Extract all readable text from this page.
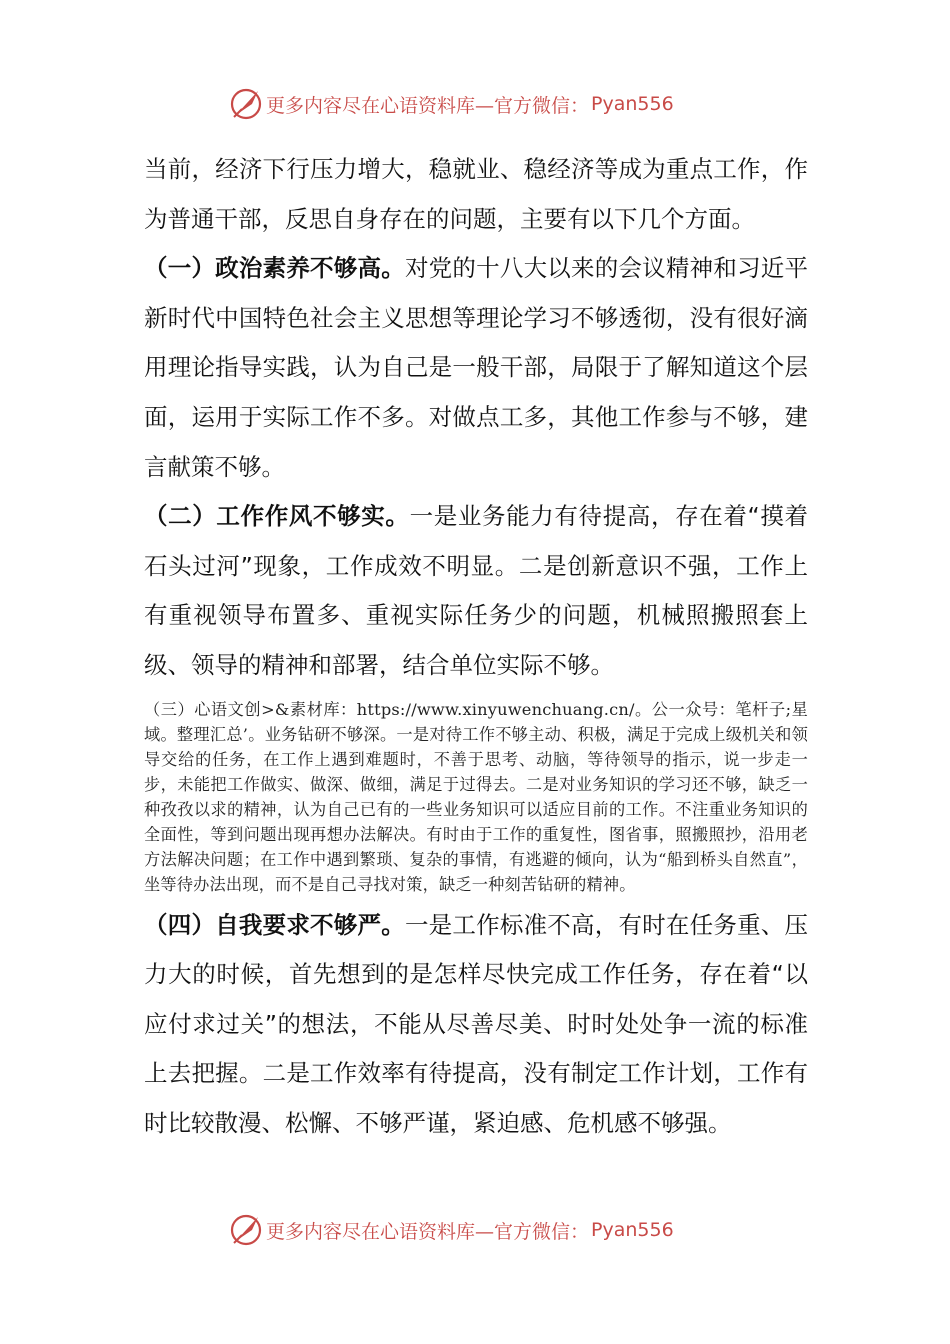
更多内容尽在心语资料库—官方微信： Pyan556

当前，经济下行压力增大，稳就业、稳经济等成为重点工作，作为普通干部，反思自身存在的问题，主要有以下几个方面。

（一）政治素养不够高。对党的十八大以来的会议精神和习近平新时代中国特色社会主义思想等理论学习不够透彻，没有很好滴用理论指导实践，认为自己是一般干部，局限于了解知道这个层面，运用于实际工作不多。对做点工多，其他工作参与不够，建言献策不够。

（二）工作作风不够实。一是业务能力有待提高，存在着“摸着石头过河”现象，工作成效不明显。二是创新意识不强，工作上有重视领导布置多、重视实际任务少的问题，机械照搬照套上级、领导的精神和部署，结合单位实际不够。

（三）心语文创>&素材库：https://www.xinyuwenchuang.cn/。公一众号：笔杆子;星域。整理汇总’。业务钻研不够深。一是对待工作不够主动、积极，满足于完成上级机关和领导交给的任务，在工作上遇到难题时，不善于思考、动脑，等待领导的指示，说一步走一步，未能把工作做实、做深、做细，满足于过得去。二是对业务知识的学习还不够，缺乏一种孜孜以求的精神，认为自己已有的一些业务知识可以适应目前的工作。不注重业务知识的全面性，等到问题出现再想办法解决。有时由于工作的重复性，图省事，照搬照抄，沿用老方法解决问题；在工作中遇到繁琐、复杂的事情，有逃避的倾向，认为“船到桥头自然直”，坐等待办法出现，而不是自己寻找对策，缺乏一种刻苦钻研的精神。

（四）自我要求不够严。一是工作标准不高，有时在任务重、压力大的时候，首先想到的是怎样尽快完成工作任务，存在着“以应付求过关”的想法，不能从尽善尽美、时时处处争一流的标准上去把握。二是工作效率有待提高，没有制定工作计划，工作有时比较散漫、松懈、不够严谨，紧迫感、危机感不够强。

更多内容尽在心语资料库—官方微信： Pyan556
